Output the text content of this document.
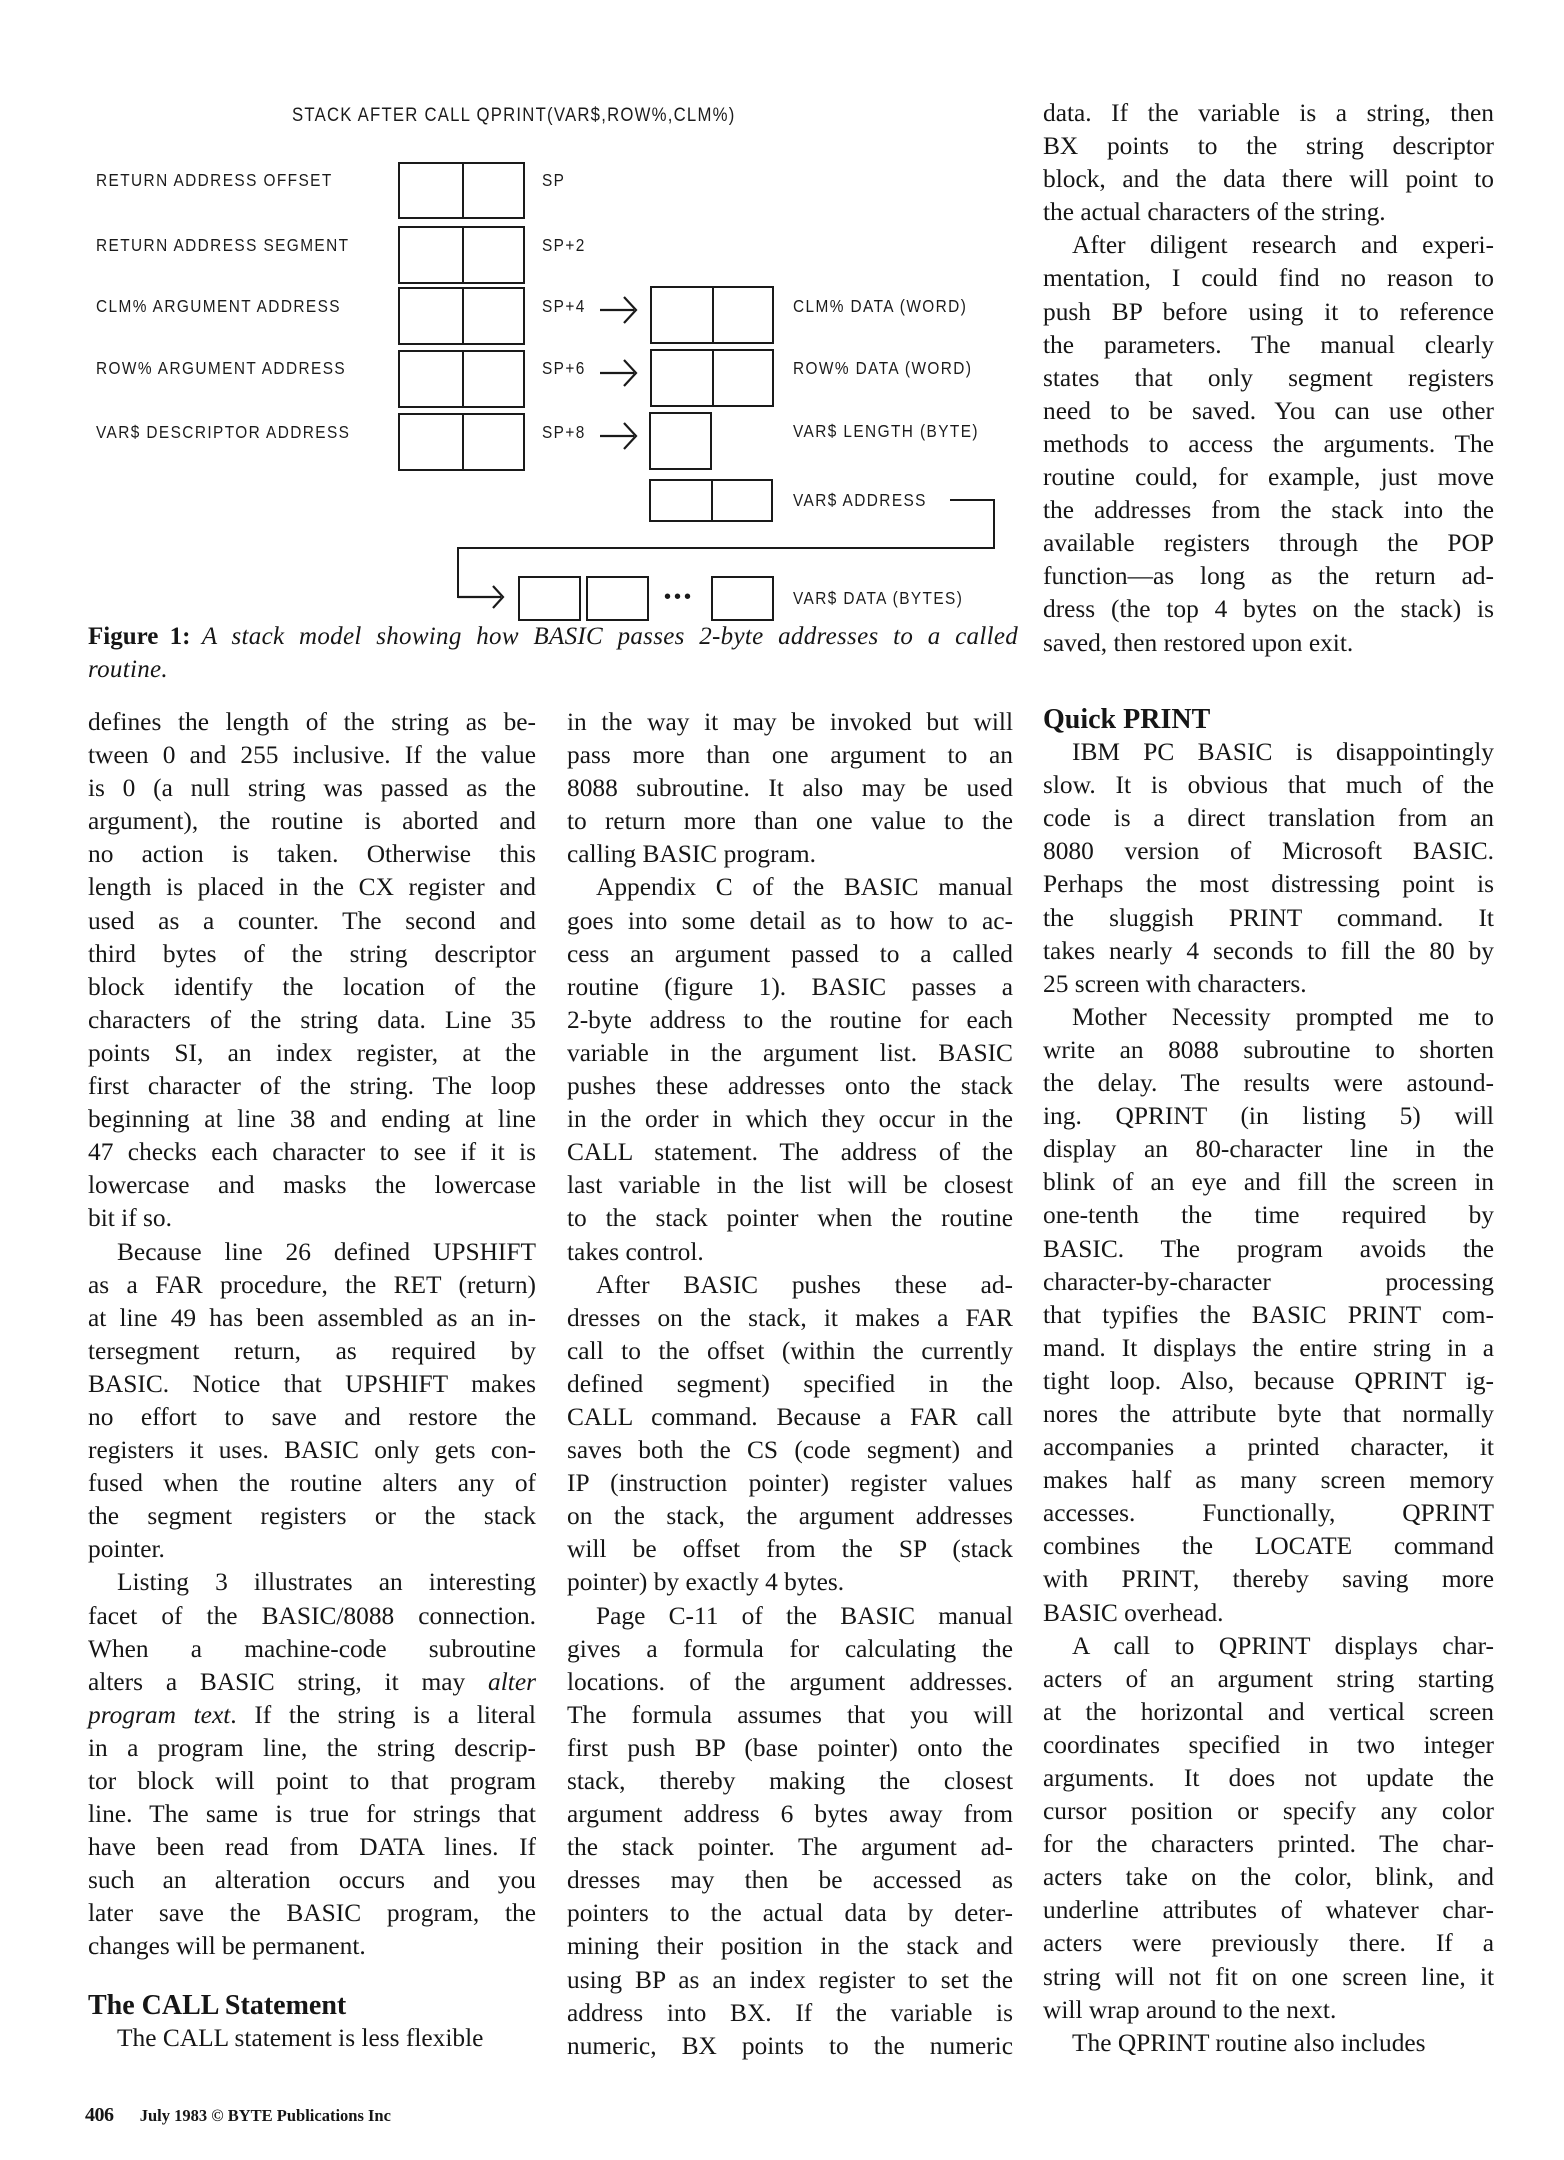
STACK AFTER CALL QPRINT(VAR$,ROW%,CLM%)
RETURN ADDRESS OFFSET	SP
RETURN ADDRESS SEGMENT	SP+2
CLM% ARGUMENT ADDRESS	SP+4	CLM% DATA (WORD)
ROW% ARGUMENT ADDRESS	SP+6	ROW% DATA (WORD)
VAR$ DESCRIPTOR ADDRESS	SP+8	VAR$ LENGTH (BYTE)
VAR$ ADDRESS
•••	VAR$ DATA (BYTES)
Figure 1: A stack model showing how BASIC passes 2-byte addresses to a called routine.
defines the length of the string as be-
tween 0 and 255 inclusive. If the value
is 0 (a null string was passed as the
argument), the routine is aborted and
no action is taken. Otherwise this
length is placed in the CX register and
used as a counter. The second and
third bytes of the string descriptor
block identify the location of the
characters of the string data. Line 35
points SI, an index register, at the
first character of the string. The loop
beginning at line 38 and ending at line
47 checks each character to see if it is
lowercase and masks the lowercase
bit if so.
Because line 26 defined UPSHIFT
as a FAR procedure, the RET (return)
at line 49 has been assembled as an in-
tersegment return, as required by
BASIC. Notice that UPSHIFT makes
no effort to save and restore the
registers it uses. BASIC only gets con-
fused when the routine alters any of
the segment registers or the stack
pointer.
Listing 3 illustrates an interesting
facet of the BASIC/8088 connection.
When a machine-code subroutine
alters a BASIC string, it may alter
program text. If the string is a literal
in a program line, the string descrip-
tor block will point to that program
line. The same is true for strings that
have been read from DATA lines. If
such an alteration occurs and you
later save the BASIC program, the
changes will be permanent.
The CALL Statement
The CALL statement is less flexible
in the way it may be invoked but will
pass more than one argument to an
8088 subroutine. It also may be used
to return more than one value to the
calling BASIC program.
Appendix C of the BASIC manual
goes into some detail as to how to ac-
cess an argument passed to a called
routine (figure 1). BASIC passes a
2-byte address to the routine for each
variable in the argument list. BASIC
pushes these addresses onto the stack
in the order in which they occur in the
CALL statement. The address of the
last variable in the list will be closest
to the stack pointer when the routine
takes control.
After BASIC pushes these ad-
dresses on the stack, it makes a FAR
call to the offset (within the currently
defined segment) specified in the
CALL command. Because a FAR call
saves both the CS (code segment) and
IP (instruction pointer) register values
on the stack, the argument addresses
will be offset from the SP (stack
pointer) by exactly 4 bytes.
Page C-11 of the BASIC manual
gives a formula for calculating the
locations. of the argument addresses.
The formula assumes that you will
first push BP (base pointer) onto the
stack, thereby making the closest
argument address 6 bytes away from
the stack pointer. The argument ad-
dresses may then be accessed as
pointers to the actual data by deter-
mining their position in the stack and
using BP as an index register to set the
address into BX. If the variable is
numeric, BX points to the numeric
data. If the variable is a string, then
BX points to the string descriptor
block, and the data there will point to
the actual characters of the string.
After diligent research and experi-
mentation, I could find no reason to
push BP before using it to reference
the parameters. The manual clearly
states that only segment registers
need to be saved. You can use other
methods to access the arguments. The
routine could, for example, just move
the addresses from the stack into the
available registers through the POP
function—as long as the return ad-
dress (the top 4 bytes on the stack) is
saved, then restored upon exit.
Quick PRINT
IBM PC BASIC is disappointingly
slow. It is obvious that much of the
code is a direct translation from an
8080 version of Microsoft BASIC.
Perhaps the most distressing point is
the sluggish PRINT command. It
takes nearly 4 seconds to fill the 80 by
25 screen with characters.
Mother Necessity prompted me to
write an 8088 subroutine to shorten
the delay. The results were astound-
ing. QPRINT (in listing 5) will
display an 80-character line in the
blink of an eye and fill the screen in
one-tenth the time required by
BASIC. The program avoids the
character-by-character processing
that typifies the BASIC PRINT com-
mand. It displays the entire string in a
tight loop. Also, because QPRINT ig-
nores the attribute byte that normally
accompanies a printed character, it
makes half as many screen memory
accesses. Functionally, QPRINT
combines the LOCATE command
with PRINT, thereby saving more
BASIC overhead.
A call to QPRINT displays char-
acters of an argument string starting
at the horizontal and vertical screen
coordinates specified in two integer
arguments. It does not update the
cursor position or specify any color
for the characters printed. The char-
acters take on the color, blink, and
underline attributes of whatever char-
acters were previously there. If a
string will not fit on one screen line, it
will wrap around to the next.
The QPRINT routine also includes
406 July 1983 © BYTE Publications Inc
